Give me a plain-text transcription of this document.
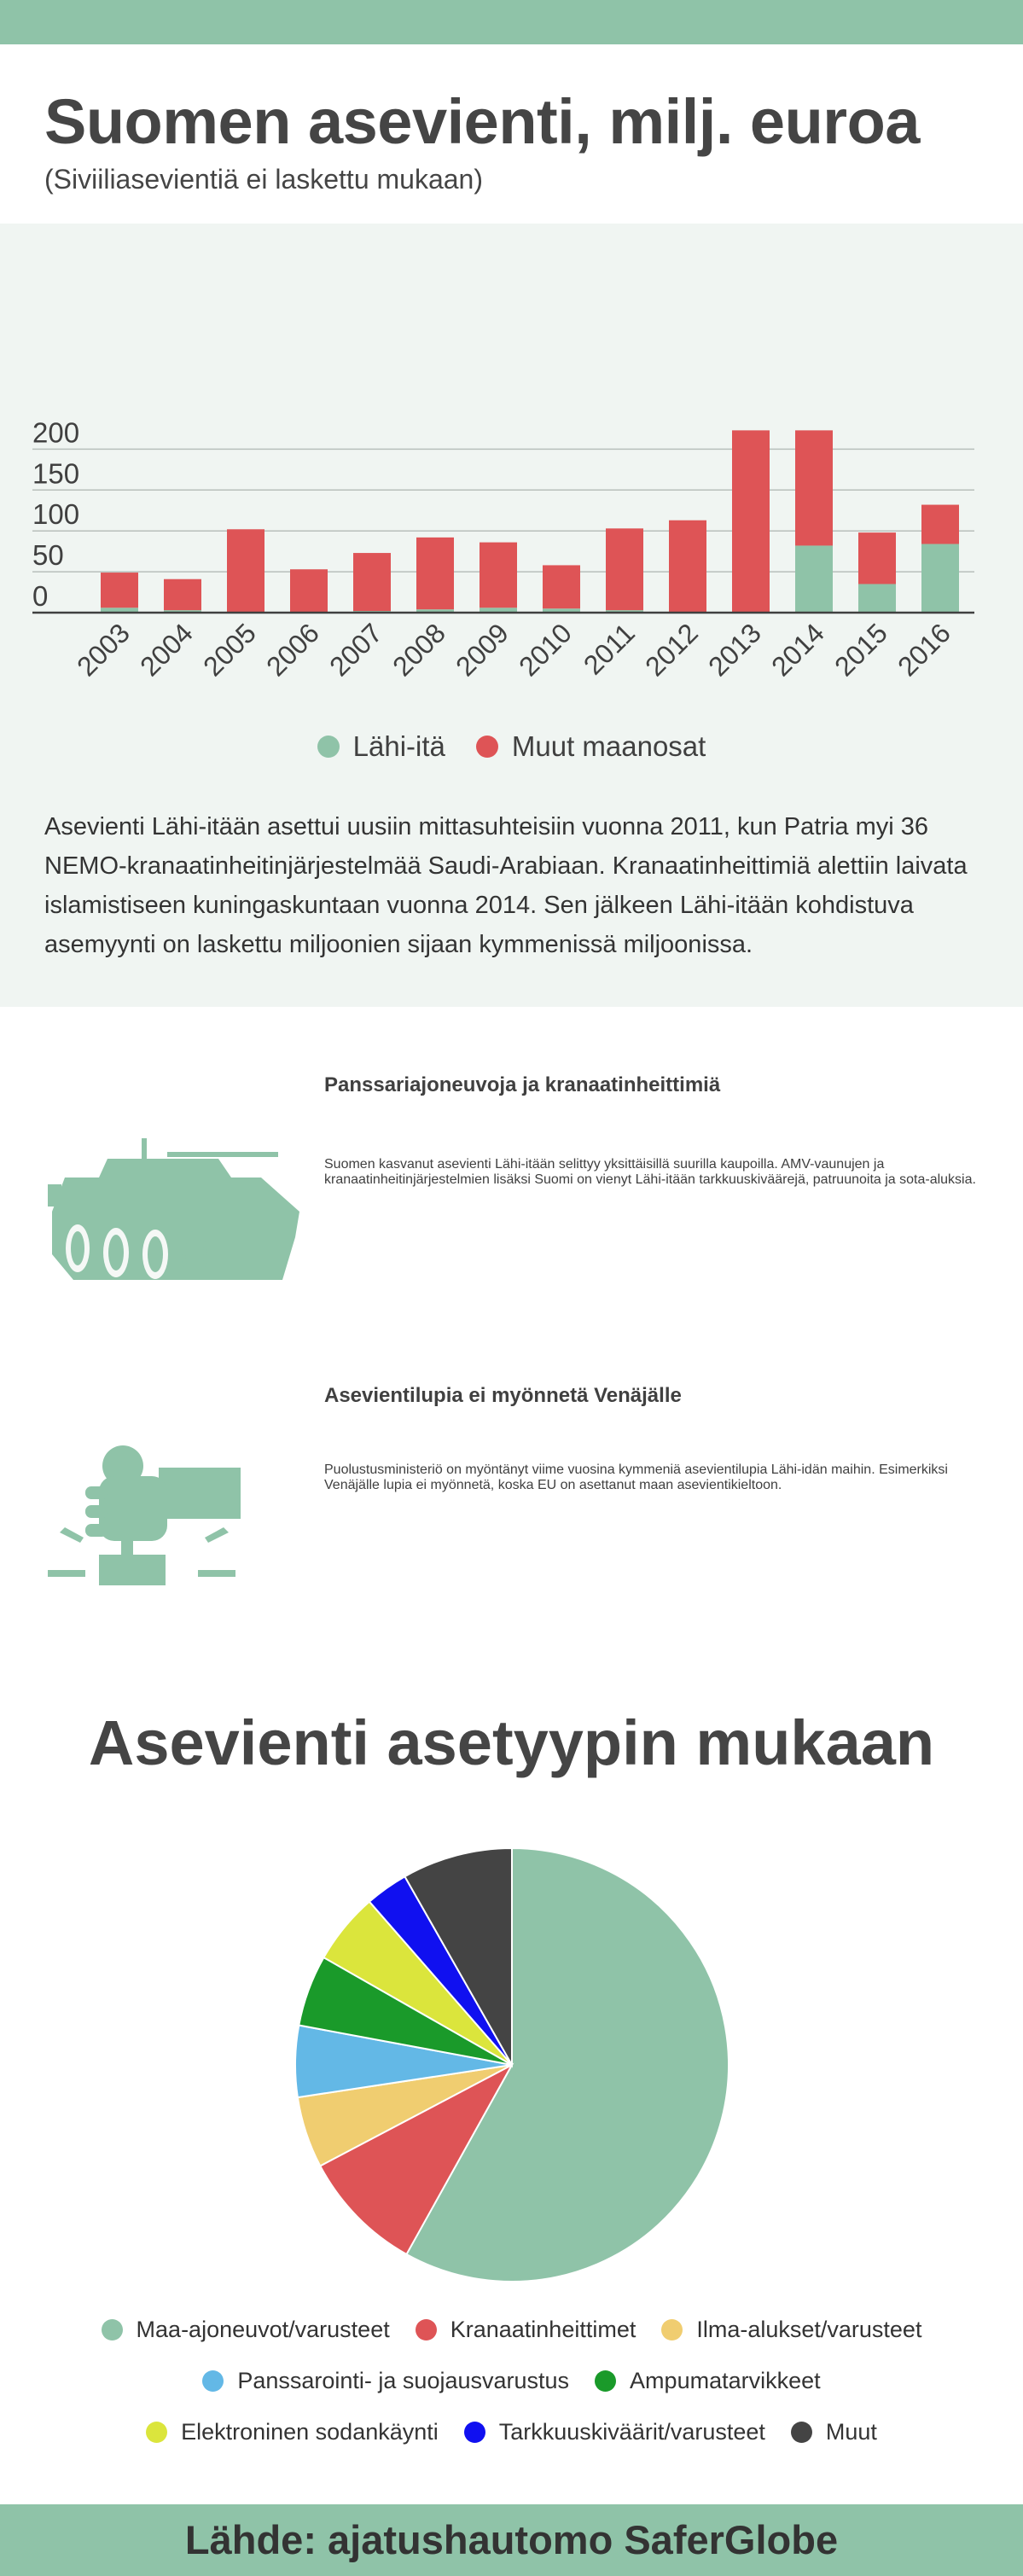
Suomen asevienti, milj. euroa
(Siviiliasevientiä ei laskettu mukaan)
0
50
100
150
200
2003
2004
2005
2006
2007
2008
2009
2010 2011
2012
2013
2014
2015
2016
Lähi-itä Muut maanosat

Asevienti Lähi-itään asettui uusiin mittasuhteisiin vuonna 2011, kun Patria myi 36 NEMO-kranaatinheitinjärjestelmää Saudi-Arabiaan. Kranaatinheittimiä alettiin laivata islamistiseen kuningaskuntaan vuonna 2014. Sen jälkeen Lähi-itään kohdistuva asemyynti on laskettu miljoonien sijaan kymmenissä miljoonissa.

Panssariajoneuvoja ja kranaatinheittimiä

Suomen kasvanut asevienti Lähi-itään selittyy yksittäisillä suurilla kaupoilla. AMV-vaunujen ja kranaatinheitinjärjestelmien lisäksi Suomi on vienyt Lähi-itään tarkkuuskiväärejä, patruunoita ja sota-aluksia.

Asevientilupia ei myönnetä Venäjälle

Puolustusministeriö on myöntänyt viime vuosina kymmeniä asevientilupia Lähi-idän maihin. Esimerkiksi Venäjälle lupia ei myönnetä, koska EU on asettanut maan asevientikieltoon.

Asevienti asetyypin mukaan
Maa-ajoneuvot/varusteet	Kranaatinheittimet	Ilma-alukset/varusteet
Panssarointi- ja suojausvarustus	Ampumatarvikkeet
Elektroninen sodankäynti	Tarkkuuskiväärit/varusteet	Muut
Lähde: ajatushautomo SaferGlobe
